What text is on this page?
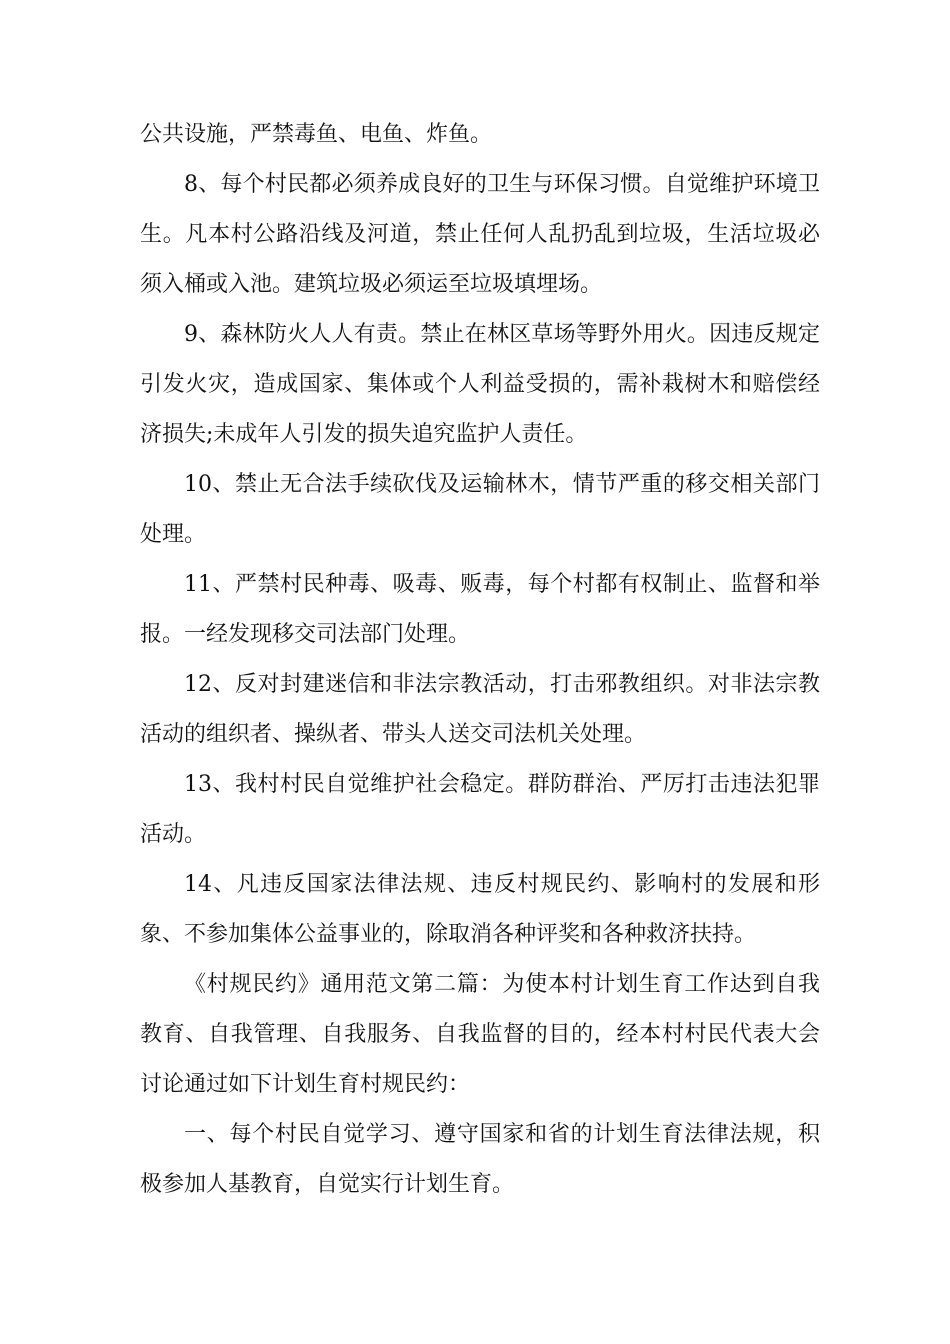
公共设施，严禁毒鱼、电鱼、炸鱼。

8、每个村民都必须养成良好的卫生与环保习惯。自觉维护环境卫生。凡本村公路沿线及河道，禁止任何人乱扔乱到垃圾，生活垃圾必须入桶或入池。建筑垃圾必须运至垃圾填埋场。

9、森林防火人人有责。禁止在林区草场等野外用火。因违反规定引发火灾，造成国家、集体或个人利益受损的，需补栽树木和赔偿经济损失;未成年人引发的损失追究监护人责任。

10、禁止无合法手续砍伐及运输林木，情节严重的移交相关部门处理。

11、严禁村民种毒、吸毒、贩毒，每个村都有权制止、监督和举报。一经发现移交司法部门处理。

12、反对封建迷信和非法宗教活动，打击邪教组织。对非法宗教活动的组织者、操纵者、带头人送交司法机关处理。

13、我村村民自觉维护社会稳定。群防群治、严厉打击违法犯罪活动。

14、凡违反国家法律法规、违反村规民约、影响村的发展和形象、不参加集体公益事业的，除取消各种评奖和各种救济扶持。

《村规民约》通用范文第二篇：为使本村计划生育工作达到自我教育、自我管理、自我服务、自我监督的目的，经本村村民代表大会讨论通过如下计划生育村规民约：

一、每个村民自觉学习、遵守国家和省的计划生育法律法规，积极参加人基教育，自觉实行计划生育。
